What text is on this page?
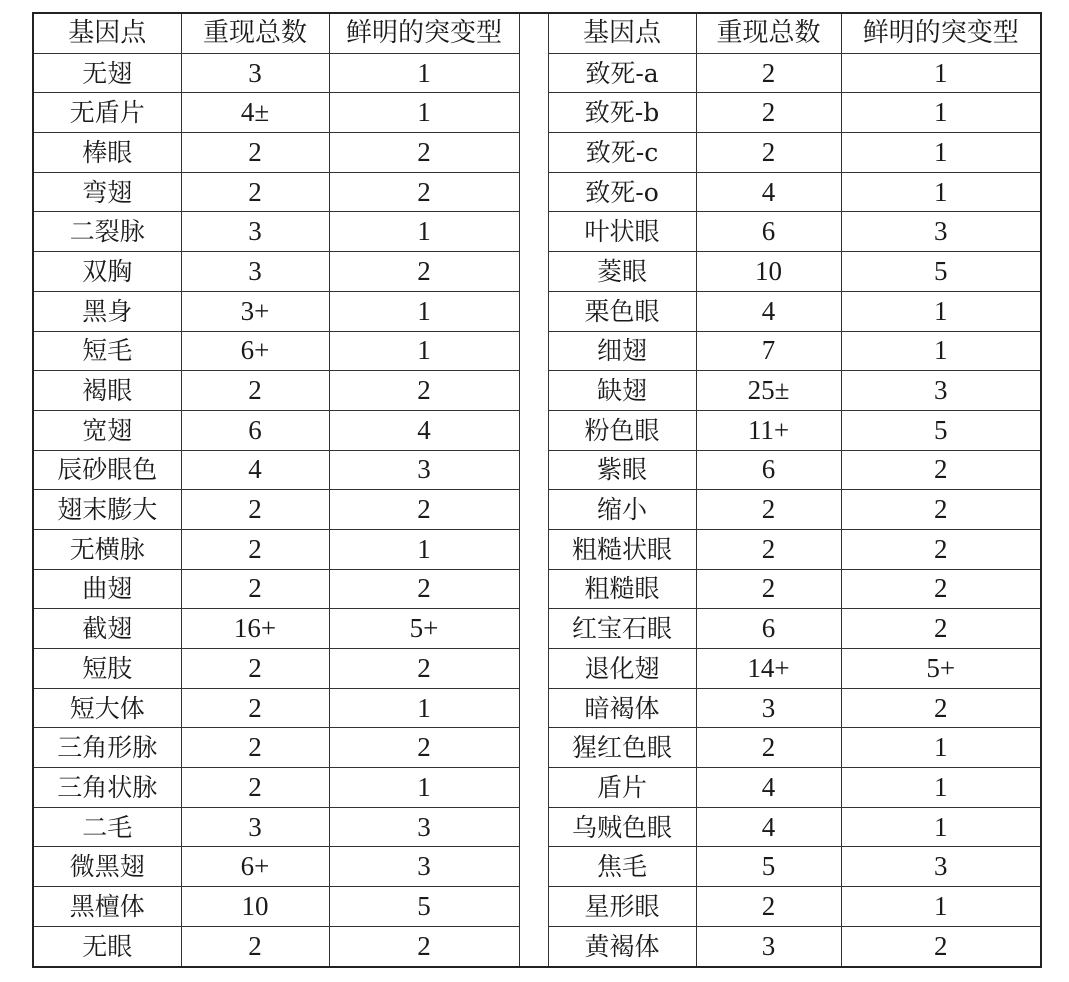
基因点	重现总数	鲜明的突变型		基因点	重现总数	鲜明的突变型
无翅	3	1		致死-a	2	1
无盾片	4±	1		致死-b	2	1
棒眼	2	2		致死-c	2	1
弯翅	2	2		致死-o	4	1
二裂脉	3	1		叶状眼	6	3
双胸	3	2		菱眼	10	5
黑身	3+	1		栗色眼	4	1
短毛	6+	1		细翅	7	1
褐眼	2	2		缺翅	25±	3
宽翅	6	4		粉色眼	11+	5
辰砂眼色	4	3		紫眼	6	2
翅末膨大	2	2		缩小	2	2
无横脉	2	1		粗糙状眼	2	2
曲翅	2	2		粗糙眼	2	2
截翅	16+	5+		红宝石眼	6	2
短肢	2	2		退化翅	14+	5+
短大体	2	1		暗褐体	3	2
三角形脉	2	2		猩红色眼	2	1
三角状脉	2	1		盾片	4	1
二毛	3	3		乌贼色眼	4	1
微黑翅	6+	3		焦毛	5	3
黑檀体	10	5		星形眼	2	1
无眼	2	2		黄褐体	3	2
